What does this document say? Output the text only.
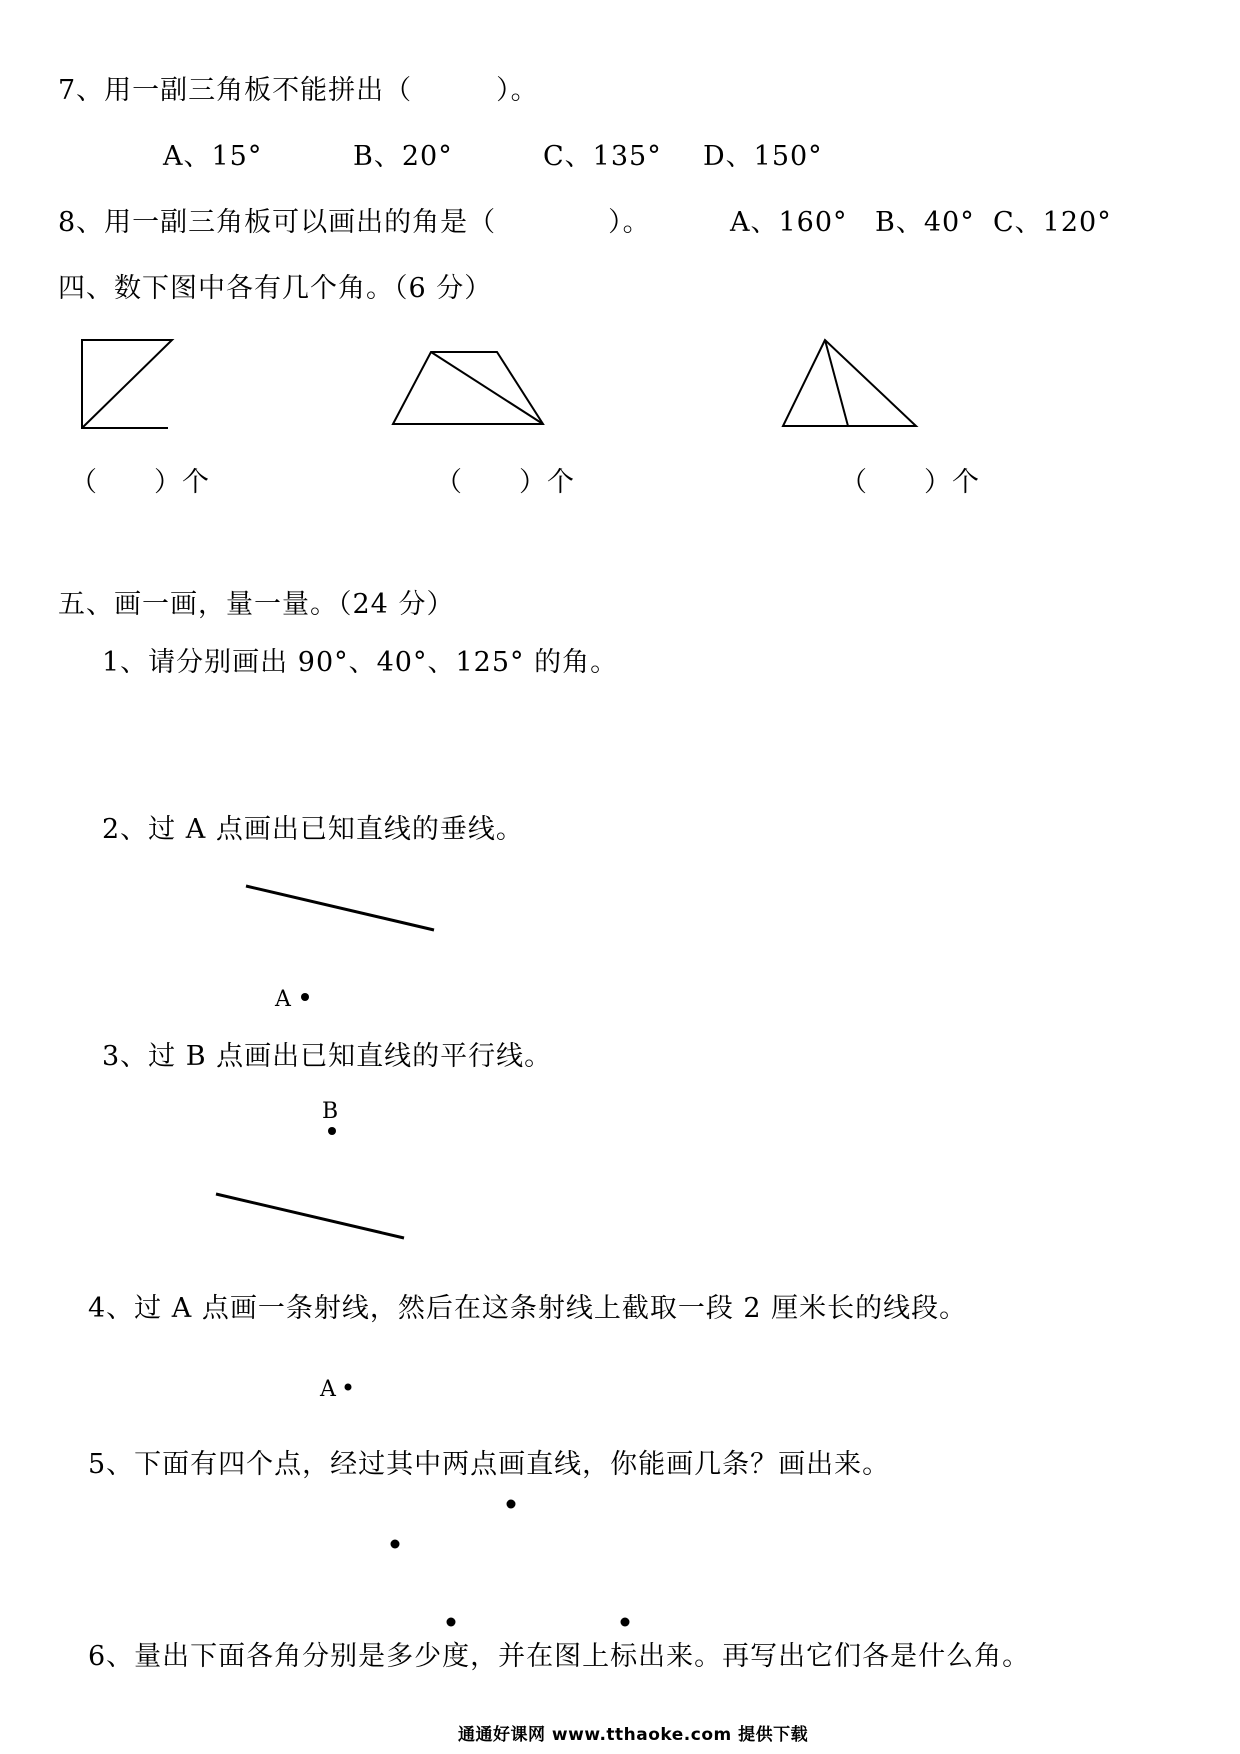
7、用一副三角板不能拼出（　　　）。
A、15°	B、20°	C、135° D、150°
8、用一副三角板可以画出的角是（　　　　）。	A、160° B、40° C、120°
四、数下图中各有几个角。（6 分）
（　　）个	（　　）个	（　　）个
五、画一画，量一量。（24 分）
1、请分别画出 90°、40°、125° 的角。
2、过 A 点画出已知直线的垂线。
A
3、过 B 点画出已知直线的平行线。
B
4、过 A 点画一条射线，然后在这条射线上截取一段 2 厘米长的线段。
A
5、下面有四个点，经过其中两点画直线，你能画几条？画出来。
6、量出下面各角分别是多少度，并在图上标出来。再写出它们各是什么角。
通通好课网 www.tthaoke.com 提供下载
